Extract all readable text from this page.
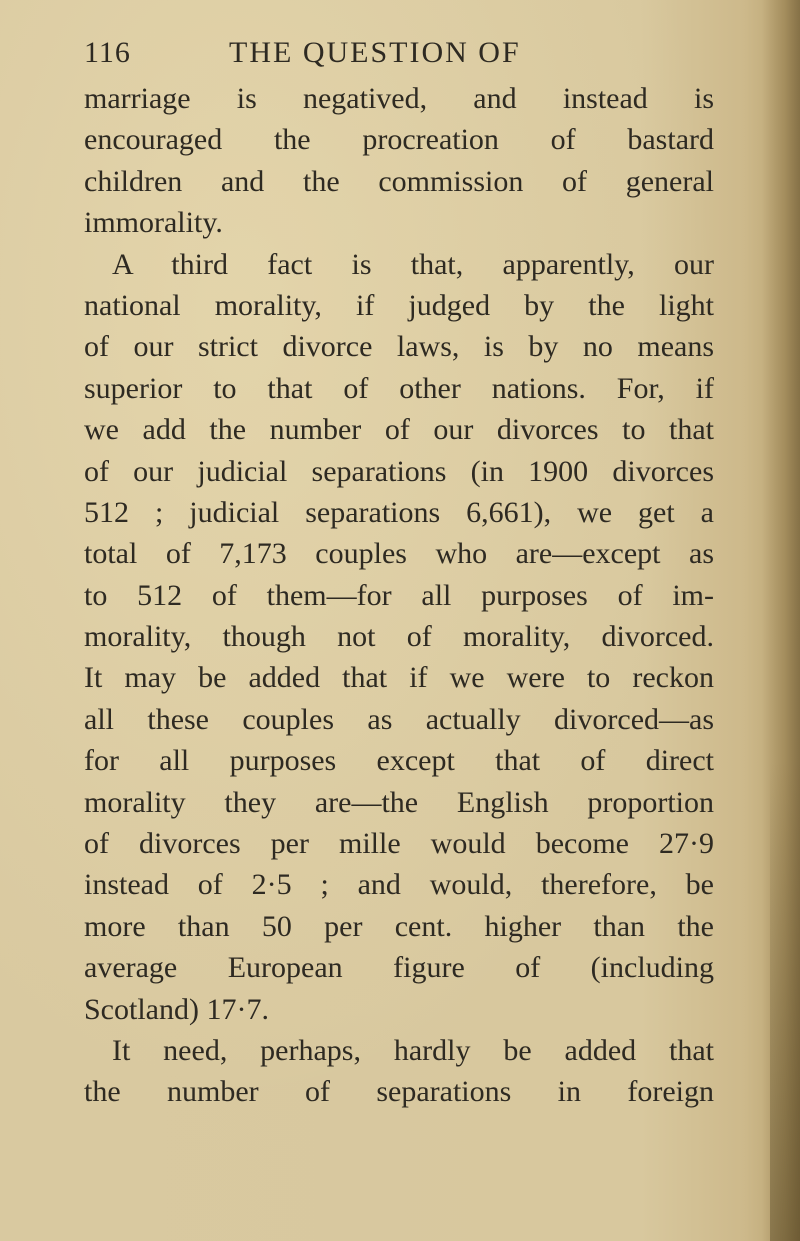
116	THE QUESTION OF
marriage is negatived, and instead is
encouraged the procreation of bastard
children and the commission of general
immorality.
A third fact is that, apparently, our
national morality, if judged by the light
of our strict divorce laws, is by no means
superior to that of other nations. For, if
we add the number of our divorces to that
of our judicial separations (in 1900 divorces
512 ; judicial separations 6,661), we get a
total of 7,173 couples who are—except as
to 512 of them—for all purposes of im-
morality, though not of morality, divorced.
It may be added that if we were to reckon
all these couples as actually divorced—as
for all purposes except that of direct
morality they are—the English proportion
of divorces per mille would become 27·9
instead of 2·5 ; and would, therefore, be
more than 50 per cent. higher than the
average European figure of (including
Scotland) 17·7.
It need, perhaps, hardly be added that
the number of separations in foreign
